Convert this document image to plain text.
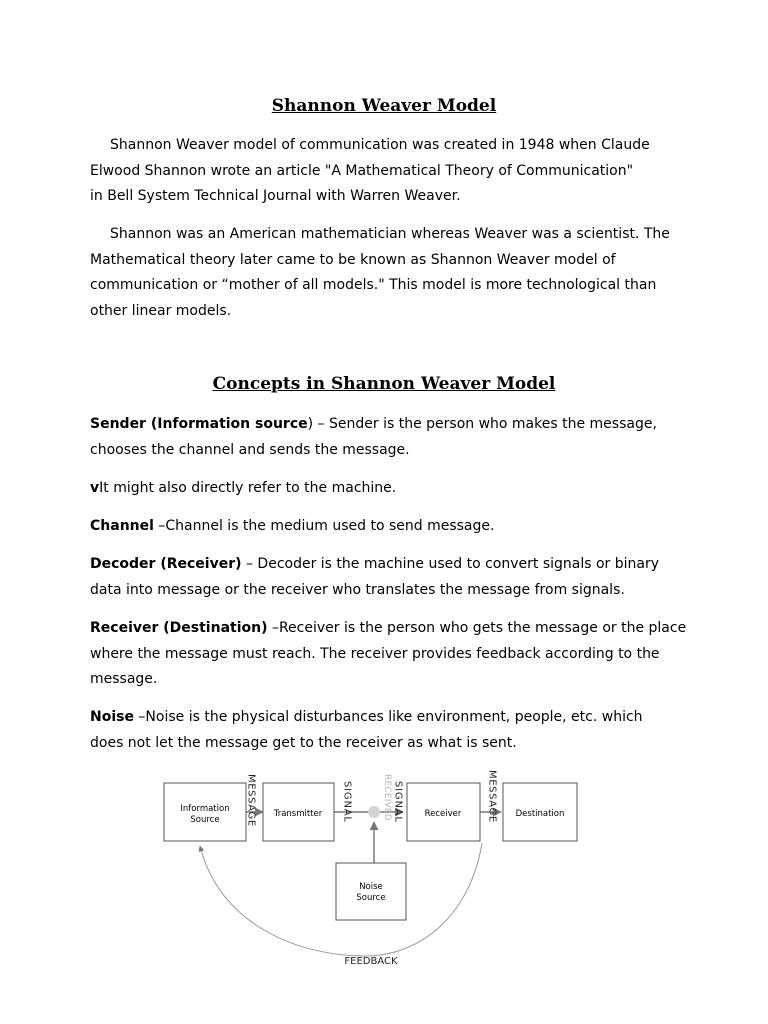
Shannon Weaver Model
Shannon Weaver model of communication was created in 1948 when Claude
Elwood Shannon wrote an article "A Mathematical Theory of Communication"
in Bell System Technical Journal with Warren Weaver.
Shannon was an American mathematician whereas Weaver was a scientist. The
Mathematical theory later came to be known as Shannon Weaver model of
communication or “mother of all models." This model is more technological than
other linear models.
Concepts in Shannon Weaver Model
Sender (Information source) – Sender is the person who makes the message,
chooses the channel and sends the message.
vIt might also directly refer to the machine.
Channel –Channel is the medium used to send message.
Decoder (Receiver) – Decoder is the machine used to convert signals or binary
data into message or the receiver who translates the message from signals.
Receiver (Destination) –Receiver is the person who gets the message or the place
where the message must reach. The receiver provides feedback according to the
message.
Noise –Noise is the physical disturbances like environment, people, etc. which
does not let the message get to the receiver as what is sent.
Information
Source
Transmitter	Receiver	Destination
Noise
Source
MESSAGE	SIGNAL	RECEIVED SIGNAL	MESSAGE
FEEDBACK
